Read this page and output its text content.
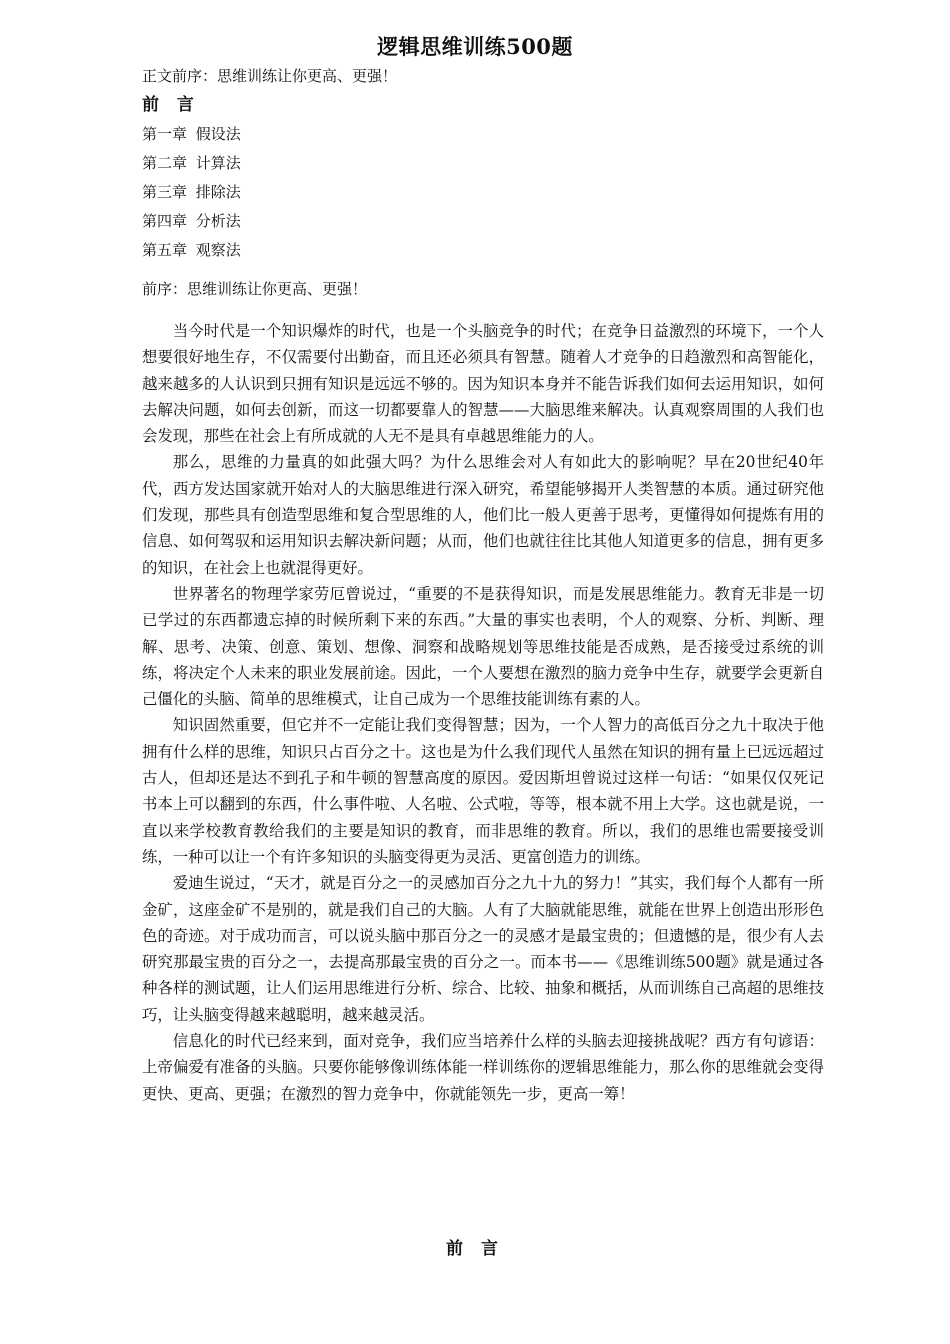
逻辑思维训练500题
正文前序：思维训练让你更高、更强！
前 言
第一章 假设法
第二章 计算法
第三章 排除法
第四章 分析法
第五章 观察法
前序：思维训练让你更高、更强！

当今时代是一个知识爆炸的时代，也是一个头脑竞争的时代；在竞争日益激烈的环境下，一个人想要很好地生存，不仅需要付出勤奋，而且还必须具有智慧。随着人才竞争的日趋激烈和高智能化，越来越多的人认识到只拥有知识是远远不够的。因为知识本身并不能告诉我们如何去运用知识，如何去解决问题，如何去创新，而这一切都要靠人的智慧——大脑思维来解决。认真观察周围的人我们也会发现，那些在社会上有所成就的人无不是具有卓越思维能力的人。

那么，思维的力量真的如此强大吗？为什么思维会对人有如此大的影响呢？早在20世纪40年代，西方发达国家就开始对人的大脑思维进行深入研究，希望能够揭开人类智慧的本质。通过研究他们发现，那些具有创造型思维和复合型思维的人，他们比一般人更善于思考，更懂得如何提炼有用的信息、如何驾驭和运用知识去解决新问题；从而，他们也就往往比其他人知道更多的信息，拥有更多的知识，在社会上也就混得更好。

世界著名的物理学家劳厄曾说过，“重要的不是获得知识，而是发展思维能力。教育无非是一切已学过的东西都遗忘掉的时候所剩下来的东西。”大量的事实也表明，个人的观察、分析、判断、理解、思考、决策、创意、策划、想像、洞察和战略规划等思维技能是否成熟，是否接受过系统的训练，将决定个人未来的职业发展前途。因此，一个人要想在激烈的脑力竞争中生存，就要学会更新自己僵化的头脑、简单的思维模式，让自己成为一个思维技能训练有素的人。

知识固然重要，但它并不一定能让我们变得智慧；因为，一个人智力的高低百分之九十取决于他拥有什么样的思维，知识只占百分之十。这也是为什么我们现代人虽然在知识的拥有量上已远远超过古人，但却还是达不到孔子和牛顿的智慧高度的原因。爱因斯坦曾说过这样一句话：“如果仅仅死记书本上可以翻到的东西，什么事件啦、人名啦、公式啦，等等，根本就不用上大学。这也就是说，一直以来学校教育教给我们的主要是知识的教育，而非思维的教育。所以，我们的思维也需要接受训练，一种可以让一个有许多知识的头脑变得更为灵活、更富创造力的训练。

爱迪生说过，“天才，就是百分之一的灵感加百分之九十九的努力！”其实，我们每个人都有一所金矿，这座金矿不是别的，就是我们自己的大脑。人有了大脑就能思维，就能在世界上创造出形形色色的奇迹。对于成功而言，可以说头脑中那百分之一的灵感才是最宝贵的；但遗憾的是，很少有人去研究那最宝贵的百分之一，去提高那最宝贵的百分之一。而本书——《思维训练500题》就是通过各种各样的测试题，让人们运用思维进行分析、综合、比较、抽象和概括，从而训练自己高超的思维技巧，让头脑变得越来越聪明，越来越灵活。

信息化的时代已经来到，面对竞争，我们应当培养什么样的头脑去迎接挑战呢？西方有句谚语：上帝偏爱有准备的头脑。只要你能够像训练体能一样训练你的逻辑思维能力，那么你的思维就会变得更快、更高、更强；在激烈的智力竞争中，你就能领先一步，更高一筹！

前 言
